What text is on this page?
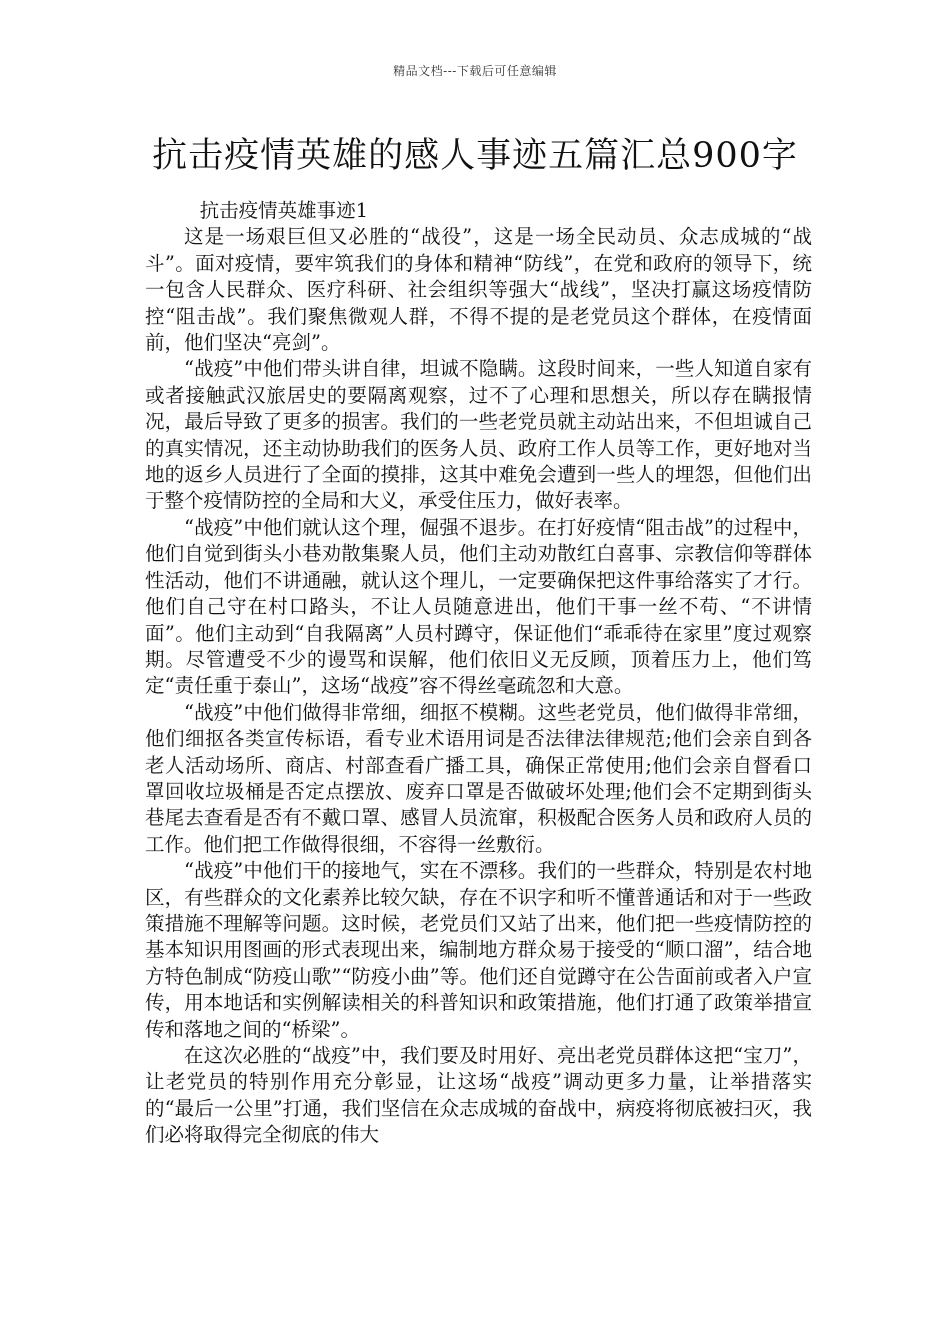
精品文档---下载后可任意编辑
抗击疫情英雄的感人事迹五篇汇总900字
抗击疫情英雄事迹1

这是一场艰巨但又必胜的“战役”，这是一场全民动员、众志成城的“战斗”。面对疫情，要牢筑我们的身体和精神“防线”，在党和政府的领导下，统一包含人民群众、医疗科研、社会组织等强大“战线”，坚决打赢这场疫情防控“阻击战”。我们聚焦微观人群，不得不提的是老党员这个群体，在疫情面前，他们坚决“亮剑”。

“战疫”中他们带头讲自律，坦诚不隐瞒。这段时间来，一些人知道自家有或者接触武汉旅居史的要隔离观察，过不了心理和思想关，所以存在瞒报情况，最后导致了更多的损害。我们的一些老党员就主动站出来，不但坦诚自己的真实情况，还主动协助我们的医务人员、政府工作人员等工作，更好地对当地的返乡人员进行了全面的摸排，这其中难免会遭到一些人的埋怨，但他们出于整个疫情防控的全局和大义，承受住压力，做好表率。

“战疫”中他们就认这个理，倔强不退步。在打好疫情“阻击战”的过程中，他们自觉到街头小巷劝散集聚人员，他们主动劝散红白喜事、宗教信仰等群体性活动，他们不讲通融，就认这个理儿，一定要确保把这件事给落实了才行。他们自己守在村口路头，不让人员随意进出，他们干事一丝不苟、“不讲情面”。他们主动到“自我隔离”人员村蹲守，保证他们“乖乖待在家里”度过观察期。尽管遭受不少的谩骂和误解，他们依旧义无反顾，顶着压力上，他们笃定“责任重于泰山”，这场“战疫”容不得丝毫疏忽和大意。

“战疫”中他们做得非常细，细抠不模糊。这些老党员，他们做得非常细，他们细抠各类宣传标语，看专业术语用词是否法律法律规范;他们会亲自到各老人活动场所、商店、村部查看广播工具，确保正常使用;他们会亲自督看口罩回收垃圾桶是否定点摆放、废弃口罩是否做破坏处理;他们会不定期到街头巷尾去查看是否有不戴口罩、感冒人员流窜，积极配合医务人员和政府人员的工作。他们把工作做得很细，不容得一丝敷衍。

“战疫”中他们干的接地气，实在不漂移。我们的一些群众，特别是农村地区，有些群众的文化素养比较欠缺，存在不识字和听不懂普通话和对于一些政策措施不理解等问题。这时候，老党员们又站了出来，他们把一些疫情防控的基本知识用图画的形式表现出来，编制地方群众易于接受的“顺口溜”，结合地方特色制成“防疫山歌”“防疫小曲”等。他们还自觉蹲守在公告面前或者入户宣传，用本地话和实例解读相关的科普知识和政策措施，他们打通了政策举措宣传和落地之间的“桥梁”。

在这次必胜的“战疫”中，我们要及时用好、亮出老党员群体这把“宝刀”，让老党员的特别作用充分彰显，让这场“战疫”调动更多力量，让举措落实的“最后一公里”打通，我们坚信在众志成城的奋战中，病疫将彻底被扫灭，我们必将取得完全彻底的伟大
